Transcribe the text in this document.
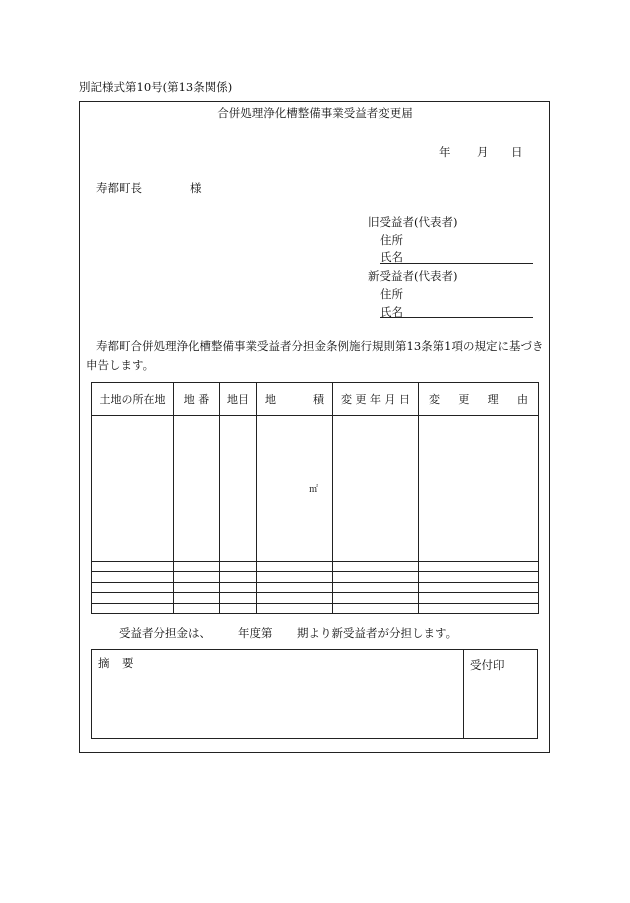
別記様式第10号(第13条関係)
合併処理浄化槽整備事業受益者変更届
年 月 日
寿都町長	様
旧受益者(代表者)
住所
氏名
新受益者(代表者)
住所
氏名
寿都町合併処理浄化槽整備事業受益者分担金条例施行規則第13条第1項の規定に基づき申告します。
土地の所在地	地 番	地目	地 積	変 更 年 月 日	変 更 理 由

			㎡		

受益者分担金は、 年度第 期より新受益者が分担します。
摘 要	受付印
